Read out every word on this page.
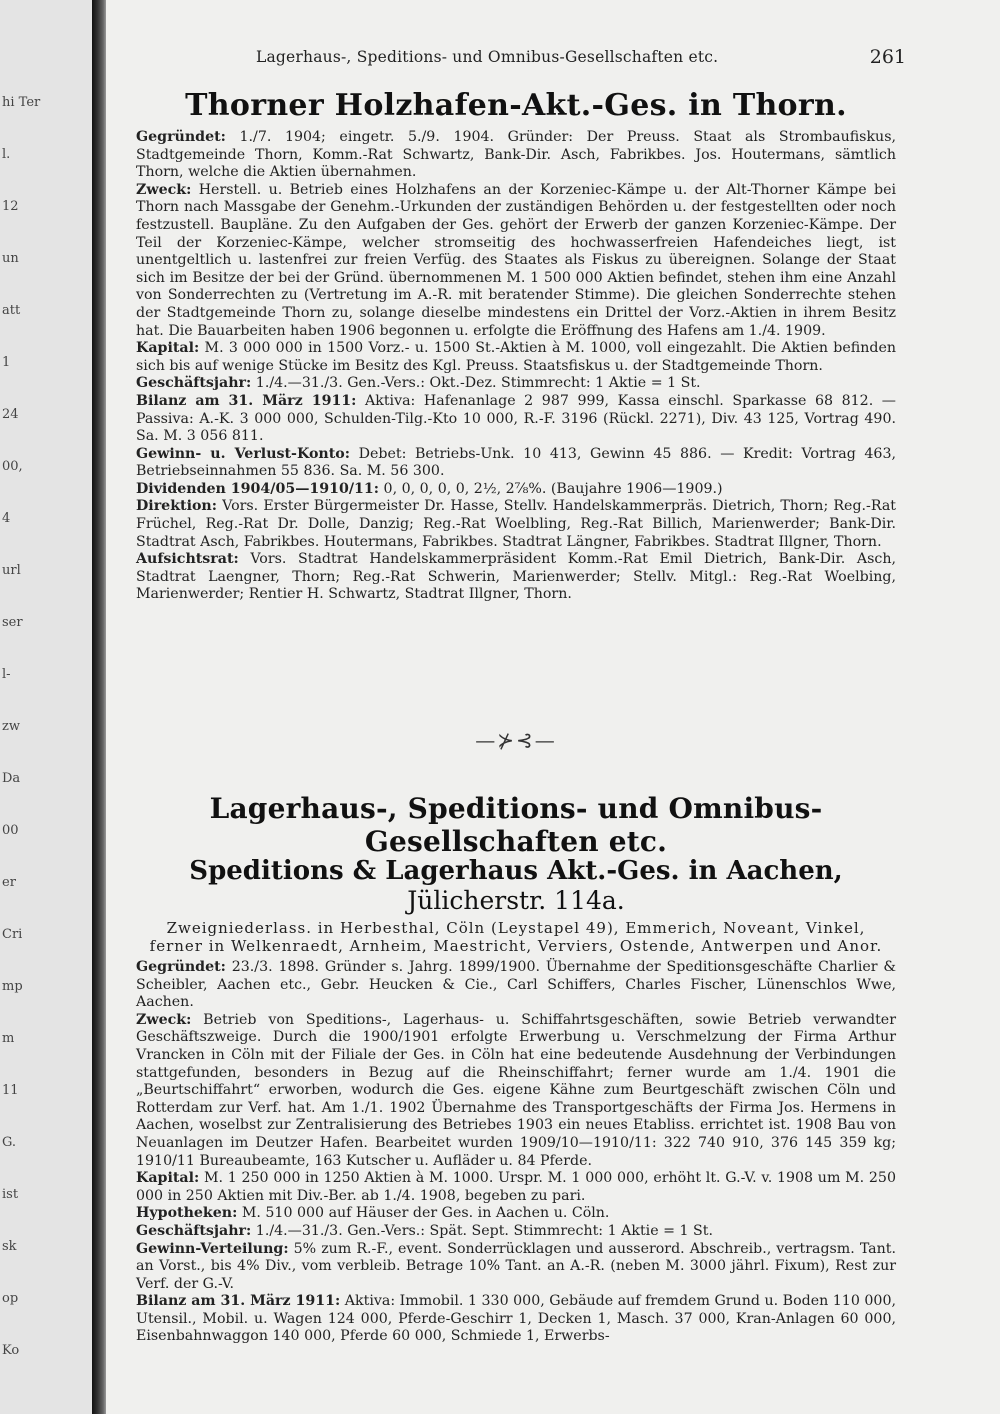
hi Ter
l.
12
un
att
1
24
00,
4
url
ser
l-
zw
Da
00
er
Cri
mp
m
11
G.
ist
sk
op
Ko
Lagerhaus-, Speditions- und Omnibus-Gesellschaften etc.	261
Thorner Holzhafen-Akt.-Ges. in Thorn.

Gegründet: 1./7. 1904; eingetr. 5./9. 1904. Gründer: Der Preuss. Staat als Strombaufiskus, Stadtgemeinde Thorn, Komm.-Rat Schwartz, Bank-Dir. Asch, Fabrikbes. Jos. Houtermans, sämtlich Thorn, welche die Aktien übernahmen.

Zweck: Herstell. u. Betrieb eines Holzhafens an der Korzeniec-Kämpe u. der Alt-Thorner Kämpe bei Thorn nach Massgabe der Genehm.-Urkunden der zuständigen Behörden u. der festgestellten oder noch festzustell. Baupläne. Zu den Aufgaben der Ges. gehört der Erwerb der ganzen Korzeniec-Kämpe. Der Teil der Korzeniec-Kämpe, welcher stromseitig des hochwasserfreien Hafendeiches liegt, ist unentgeltlich u. lastenfrei zur freien Verfüg. des Staates als Fiskus zu übereignen. Solange der Staat sich im Besitze der bei der Gründ. übernommenen M. 1 500 000 Aktien befindet, stehen ihm eine Anzahl von Sonderrechten zu (Vertretung im A.-R. mit beratender Stimme). Die gleichen Sonderrechte stehen der Stadtgemeinde Thorn zu, solange dieselbe mindestens ein Drittel der Vorz.-Aktien in ihrem Besitz hat. Die Bauarbeiten haben 1906 begonnen u. erfolgte die Eröffnung des Hafens am 1./4. 1909.

Kapital: M. 3 000 000 in 1500 Vorz.- u. 1500 St.-Aktien à M. 1000, voll eingezahlt. Die Aktien befinden sich bis auf wenige Stücke im Besitz des Kgl. Preuss. Staatsfiskus u. der Stadtgemeinde Thorn.

Geschäftsjahr: 1./4.—31./3. Gen.-Vers.: Okt.-Dez. Stimmrecht: 1 Aktie = 1 St.

Bilanz am 31. März 1911: Aktiva: Hafenanlage 2 987 999, Kassa einschl. Sparkasse 68 812. — Passiva: A.-K. 3 000 000, Schulden-Tilg.-Kto 10 000, R.-F. 3196 (Rückl. 2271), Div. 43 125, Vortrag 490. Sa. M. 3 056 811.

Gewinn- u. Verlust-Konto: Debet: Betriebs-Unk. 10 413, Gewinn 45 886. — Kredit: Vortrag 463, Betriebseinnahmen 55 836. Sa. M. 56 300.

Dividenden 1904/05—1910/11: 0, 0, 0, 0, 0, 2½, 2⅞%. (Baujahre 1906—1909.)

Direktion: Vors. Erster Bürgermeister Dr. Hasse, Stellv. Handelskammerpräs. Dietrich, Thorn; Reg.-Rat Früchel, Reg.-Rat Dr. Dolle, Danzig; Reg.-Rat Woelbling, Reg.-Rat Billich, Marienwerder; Bank-Dir. Stadtrat Asch, Fabrikbes. Houtermans, Fabrikbes. Stadtrat Längner, Fabrikbes. Stadtrat Illgner, Thorn.

Aufsichtsrat: Vors. Stadtrat Handelskammerpräsident Komm.-Rat Emil Dietrich, Bank-Dir. Asch, Stadtrat Laengner, Thorn; Reg.-Rat Schwerin, Marienwerder; Stellv. Mitgl.: Reg.-Rat Woelbing, Marienwerder; Rentier H. Schwartz, Stadtrat Illgner, Thorn.

—⊁⊰—
Lagerhaus-, Speditions- und Omnibus-Gesellschaften etc.
Speditions & Lagerhaus Akt.-Ges. in Aachen, Jülicherstr. 114a.
Zweigniederlass. in Herbesthal, Cöln (Leystapel 49), Emmerich, Noveant, Vinkel, ferner in Welkenraedt, Arnheim, Maestricht, Verviers, Ostende, Antwerpen und Anor.

Gegründet: 23./3. 1898. Gründer s. Jahrg. 1899/1900. Übernahme der Speditionsgeschäfte Charlier & Scheibler, Aachen etc., Gebr. Heucken & Cie., Carl Schiffers, Charles Fischer, Lünenschlos Wwe, Aachen.

Zweck: Betrieb von Speditions-, Lagerhaus- u. Schiffahrtsgeschäften, sowie Betrieb verwandter Geschäftszweige. Durch die 1900/1901 erfolgte Erwerbung u. Verschmelzung der Firma Arthur Vrancken in Cöln mit der Filiale der Ges. in Cöln hat eine bedeutende Ausdehnung der Verbindungen stattgefunden, besonders in Bezug auf die Rheinschiffahrt; ferner wurde am 1./4. 1901 die „Beurtschiffahrt“ erworben, wodurch die Ges. eigene Kähne zum Beurtgeschäft zwischen Cöln und Rotterdam zur Verf. hat. Am 1./1. 1902 Übernahme des Transportgeschäfts der Firma Jos. Hermens in Aachen, woselbst zur Zentralisierung des Betriebes 1903 ein neues Etabliss. errichtet ist. 1908 Bau von Neuanlagen im Deutzer Hafen. Bearbeitet wurden 1909/10—1910/11: 322 740 910, 376 145 359 kg; 1910/11 Bureaubeamte, 163 Kutscher u. Aufläder u. 84 Pferde.

Kapital: M. 1 250 000 in 1250 Aktien à M. 1000. Urspr. M. 1 000 000, erhöht lt. G.-V. v. 1908 um M. 250 000 in 250 Aktien mit Div.-Ber. ab 1./4. 1908, begeben zu pari.

Hypotheken: M. 510 000 auf Häuser der Ges. in Aachen u. Cöln.

Geschäftsjahr: 1./4.—31./3. Gen.-Vers.: Spät. Sept. Stimmrecht: 1 Aktie = 1 St.

Gewinn-Verteilung: 5% zum R.-F., event. Sonderrücklagen und ausserord. Abschreib., vertragsm. Tant. an Vorst., bis 4% Div., vom verbleib. Betrage 10% Tant. an A.-R. (neben M. 3000 jährl. Fixum), Rest zur Verf. der G.-V.

Bilanz am 31. März 1911: Aktiva: Immobil. 1 330 000, Gebäude auf fremdem Grund u. Boden 110 000, Utensil., Mobil. u. Wagen 124 000, Pferde-Geschirr 1, Decken 1, Masch. 37 000, Kran-Anlagen 60 000, Eisenbahnwaggon 140 000, Pferde 60 000, Schmiede 1, Erwerbs-
